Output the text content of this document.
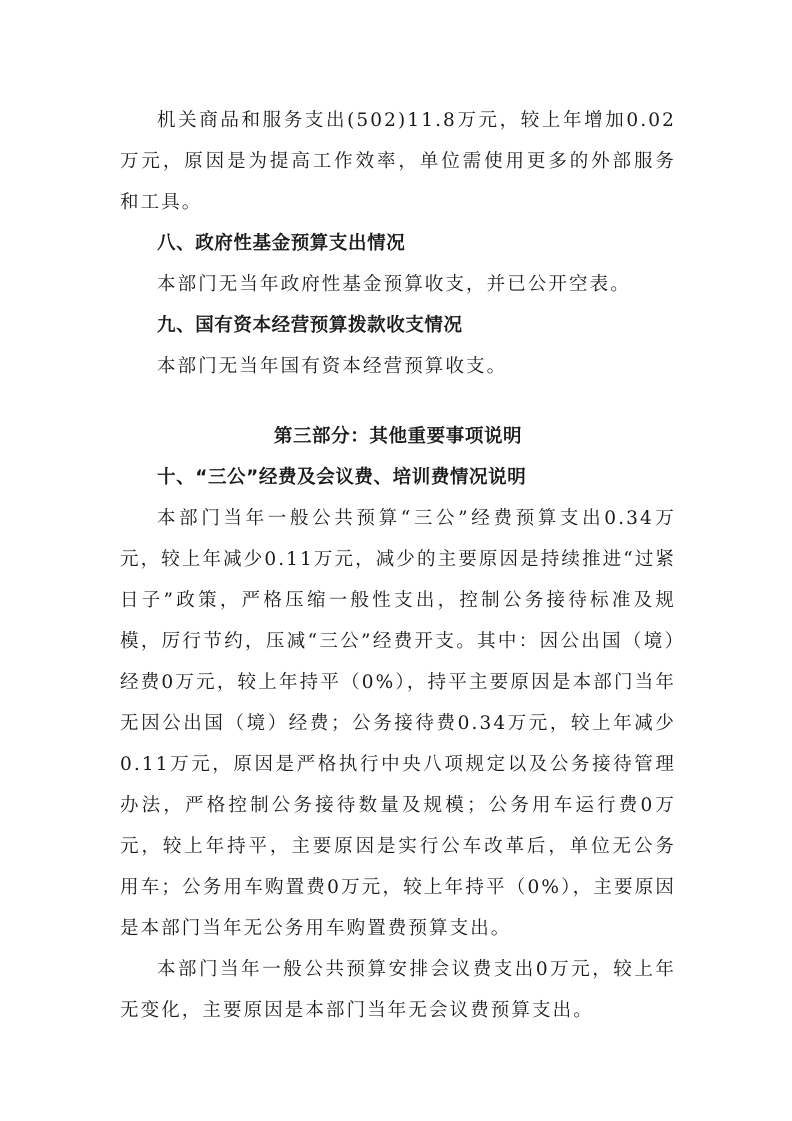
机关商品和服务支出(502)11.8万元，较上年增加0.02万元，原因是为提高工作效率，单位需使用更多的外部服务和工具。

八、政府性基金预算支出情况

本部门无当年政府性基金预算收支，并已公开空表。

九、国有资本经营预算拨款收支情况

本部门无当年国有资本经营预算收支。

第三部分：其他重要事项说明
十、“三公”经费及会议费、培训费情况说明

本部门当年一般公共预算“三公”经费预算支出0.34万元，较上年减少0.11万元，减少的主要原因是持续推进“过紧日子”政策，严格压缩一般性支出，控制公务接待标准及规模，厉行节约，压减“三公”经费开支。其中：因公出国（境）经费0万元，较上年持平（0%），持平主要原因是本部门当年无因公出国（境）经费；公务接待费0.34万元，较上年减少0.11万元，原因是严格执行中央八项规定以及公务接待管理办法，严格控制公务接待数量及规模；公务用车运行费0万元，较上年持平，主要原因是实行公车改革后，单位无公务用车；公务用车购置费0万元，较上年持平（0%），主要原因是本部门当年无公务用车购置费预算支出。

本部门当年一般公共预算安排会议费支出0万元，较上年无变化，主要原因是本部门当年无会议费预算支出。
